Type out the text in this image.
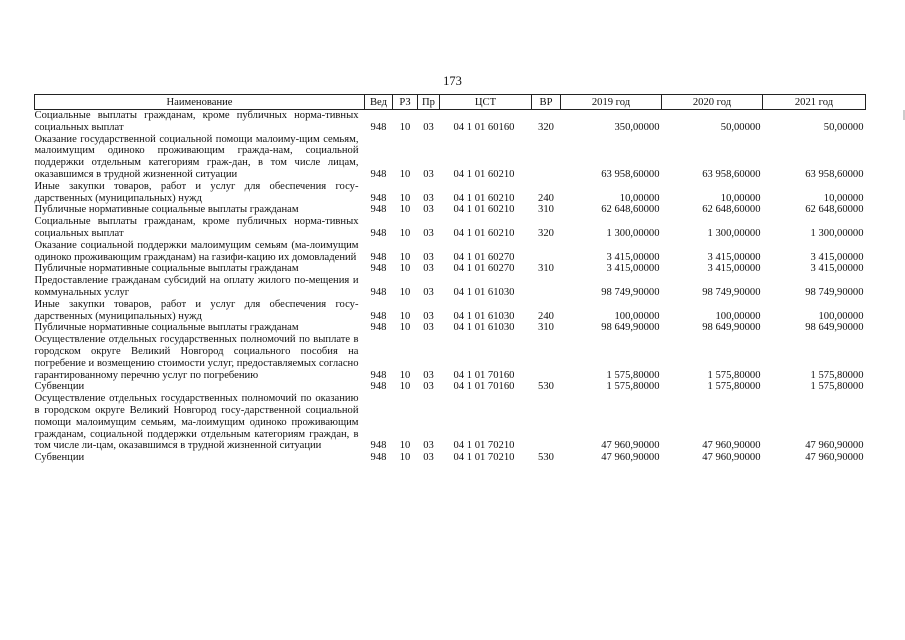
173
Наименование	Вед	РЗ	Пр	ЦСТ	ВР	2019 год	2020 год	2021 год
Социальные выплаты гражданам, кроме публичных норма-тивных социальных выплат	948	10	03	04 1 01 60160	320	350,00000	50,00000	50,00000
Оказание государственной социальной помощи малоиму-щим семьям, малоимущим одиноко проживающим гражда-нам, социальной поддержки отдельным категориям граж-дан, в том числе лицам, оказавшимся в трудной жизненной ситуации	948	10	03	04 1 01 60210		63 958,60000	63 958,60000	63 958,60000
Иные закупки товаров, работ и услуг для обеспечения госу-дарственных (муниципальных) нужд	948	10	03	04 1 01 60210	240	10,00000	10,00000	10,00000
Публичные нормативные социальные выплаты гражданам	948	10	03	04 1 01 60210	310	62 648,60000	62 648,60000	62 648,60000
Социальные выплаты гражданам, кроме публичных норма-тивных социальных выплат	948	10	03	04 1 01 60210	320	1 300,00000	1 300,00000	1 300,00000
Оказание социальной поддержки малоимущим семьям (ма-лоимущим одиноко проживающим гражданам) на газифи-кацию их домовладений	948	10	03	04 1 01 60270		3 415,00000	3 415,00000	3 415,00000
Публичные нормативные социальные выплаты гражданам	948	10	03	04 1 01 60270	310	3 415,00000	3 415,00000	3 415,00000
Предоставление гражданам субсидий на оплату жилого по-мещения и коммунальных услуг	948	10	03	04 1 01 61030		98 749,90000	98 749,90000	98 749,90000
Иные закупки товаров, работ и услуг для обеспечения госу-дарственных (муниципальных) нужд	948	10	03	04 1 01 61030	240	100,00000	100,00000	100,00000
Публичные нормативные социальные выплаты гражданам	948	10	03	04 1 01 61030	310	98 649,90000	98 649,90000	98 649,90000
Осуществление отдельных государственных полномочий по выплате в городском округе Великий Новгород социального пособия на погребение и возмещению стоимости услуг, предоставляемых согласно гарантированному перечню услуг по погребению	948	10	03	04 1 01 70160		1 575,80000	1 575,80000	1 575,80000
Субвенции	948	10	03	04 1 01 70160	530	1 575,80000	1 575,80000	1 575,80000
Осуществление отдельных государственных полномочий по оказанию в городском округе Великий Новгород госу-дарственной социальной помощи малоимущим семьям, ма-лоимущим одиноко проживающим гражданам, социальной поддержки отдельным категориям граждан, в том числе ли-цам, оказавшимся в трудной жизненной ситуации	948	10	03	04 1 01 70210		47 960,90000	47 960,90000	47 960,90000
Субвенции	948	10	03	04 1 01 70210	530	47 960,90000	47 960,90000	47 960,90000
